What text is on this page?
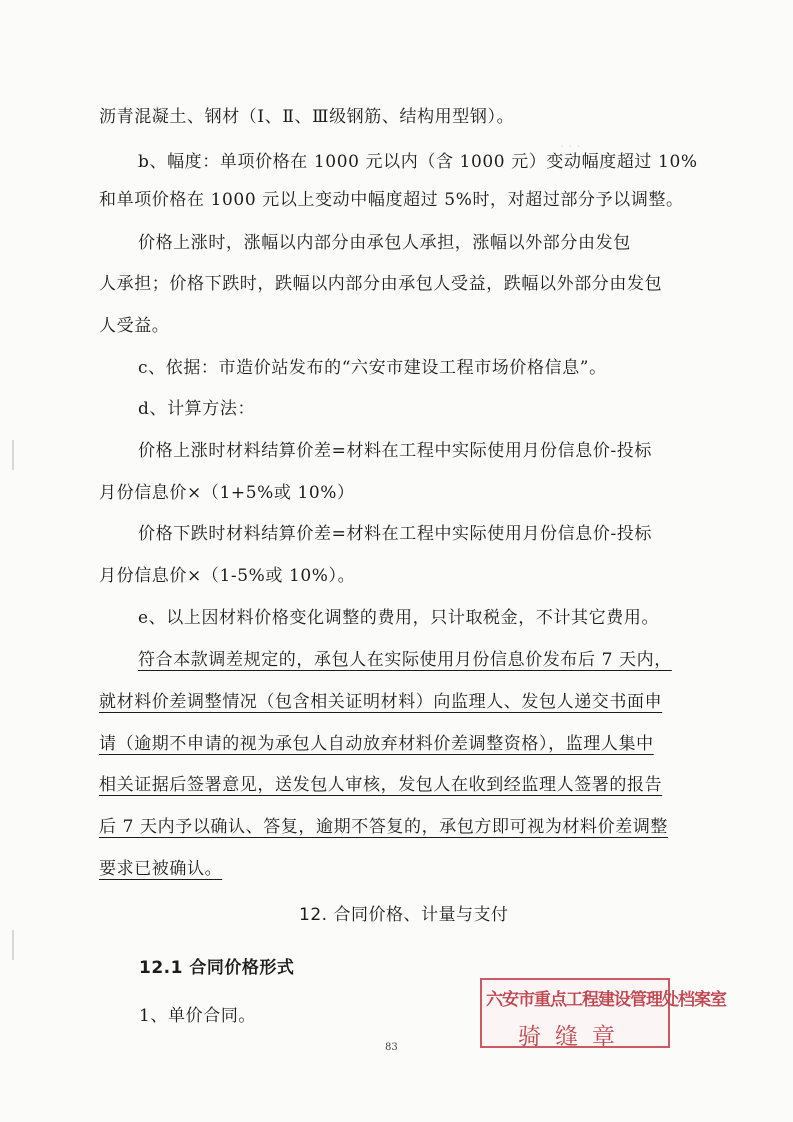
· · ·
沥青混凝土、钢材（Ⅰ、Ⅱ、Ⅲ级钢筋、结构用型钢）。
b、幅度：单项价格在 1000 元以内（含 1000 元）变动幅度超过 10%
和单项价格在 1000 元以上变动中幅度超过 5%时，对超过部分予以调整。
价格上涨时，涨幅以内部分由承包人承担，涨幅以外部分由发包
人承担；价格下跌时，跌幅以内部分由承包人受益，跌幅以外部分由发包
人受益。
c、依据：市造价站发布的“六安市建设工程市场价格信息”。
d、计算方法：
价格上涨时材料结算价差=材料在工程中实际使用月份信息价-投标
月份信息价×（1+5%或 10%）
价格下跌时材料结算价差=材料在工程中实际使用月份信息价-投标
月份信息价×（1-5%或 10%）。
e、以上因材料价格变化调整的费用，只计取税金，不计其它费用。
符合本款调差规定的，承包人在实际使用月份信息价发布后 7 天内，
就材料价差调整情况（包含相关证明材料）向监理人、发包人递交书面申
请（逾期不申请的视为承包人自动放弃材料价差调整资格），监理人集中
相关证据后签署意见，送发包人审核，发包人在收到经监理人签署的报告
后 7 天内予以确认、答复，逾期不答复的，承包方即可视为材料价差调整
要求已被确认。
12. 合同价格、计量与支付
12.1 合同价格形式
1、单价合同。
六安市重点工程建设管理处档案室
骑缝章
83
